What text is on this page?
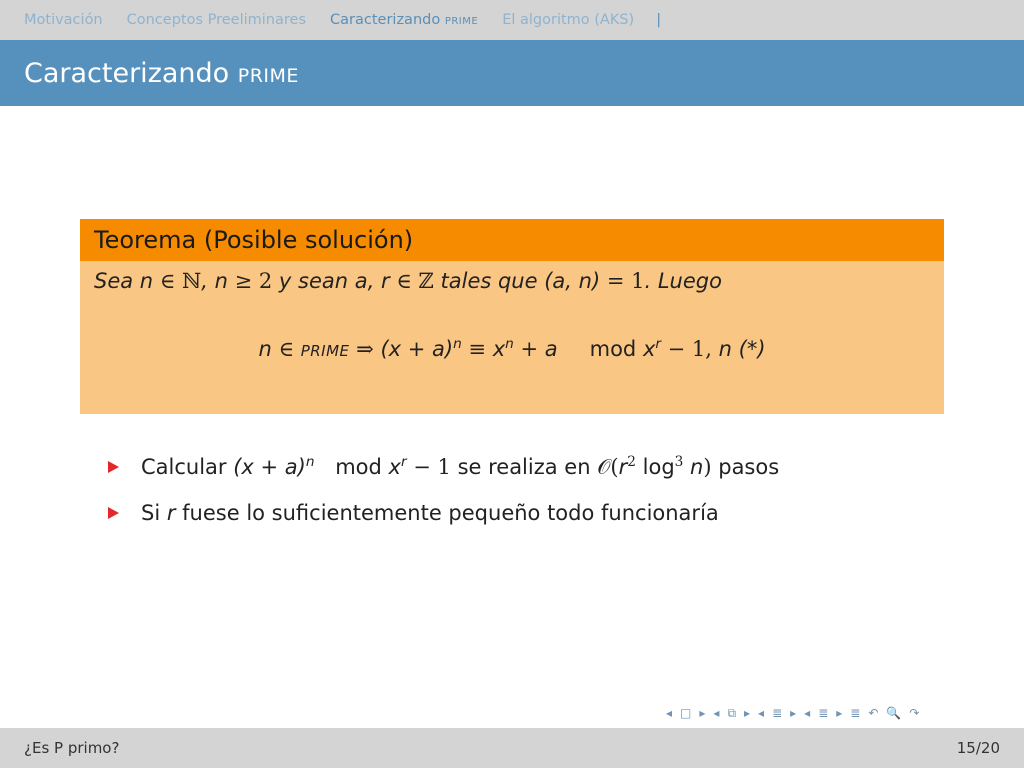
Motivación Conceptos Preeliminares Caracterizando prime El algoritmo (AKS) |
Caracterizando prime
Teorema (Posible solución)
Sea n ∈ ℕ, n ≥ 2 y sean a, r ∈ ℤ tales que (a, n) = 1. Luego
n ∈ prime ⇒ $(x + a)^n \equiv x^n + a$ mod $x^r - 1$, n (*)
Calcular $(x + a)^n$ mod $x^r - 1$ se realiza en $𝒪(r^2$ $\log^3 n$) pasos
Si r fuese lo suficientemente pequeño todo funcionaría
◂ □ ▸ ◂ ⧉ ▸ ◂ ≣ ▸ ◂ ≣ ▸ ≣ ↶ 🔍 ↷
¿Es P primo?	15/20
